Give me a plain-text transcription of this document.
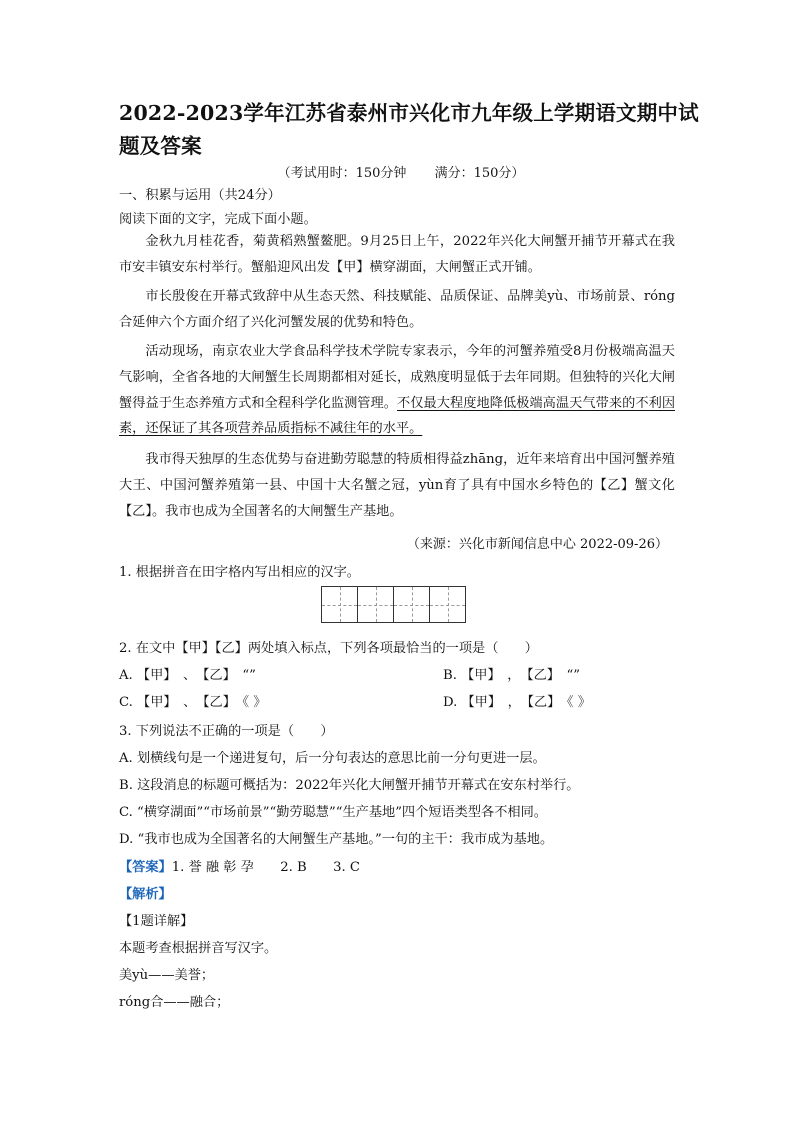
2022-2023学年江苏省泰州市兴化市九年级上学期语文期中试题及答案
（考试用时：150分钟 满分：150分）
一、积累与运用（共24分）
阅读下面的文字，完成下面小题。
金秋九月桂花香，菊黄稻熟蟹鳌肥。9月25日上午，2022年兴化大闸蟹开捕节开幕式在我市安丰镇安东村举行。蟹船迎风出发【甲】横穿湖面，大闸蟹正式开铺。
市长殷俊在开幕式致辞中从生态天然、科技赋能、品质保证、品牌美yù、市场前景、róng合延伸六个方面介绍了兴化河蟹发展的优势和特色。
活动现场，南京农业大学食品科学技术学院专家表示，今年的河蟹养殖受8月份极端高温天气影响，全省各地的大闸蟹生长周期都相对延长，成熟度明显低于去年同期。但独特的兴化大闸蟹得益于生态养殖方式和全程科学化监测管理。不仅最大程度地降低极端高温天气带来的不利因素，还保证了其各项营养品质指标不减往年的水平。
我市得天独厚的生态优势与奋进勤劳聪慧的特质相得益zhāng，近年来培育出中国河蟹养殖大王、中国河蟹养殖第一县、中国十大名蟹之冠，yùn育了具有中国水乡特色的【乙】蟹文化【乙】。我市也成为全国著名的大闸蟹生产基地。
（来源：兴化市新闻信息中心 2022-09-26）
1. 根据拼音在田字格内写出相应的汉字。
2. 在文中【甲】【乙】两处填入标点，下列各项最恰当的一项是（　　）
A. 【甲】　、　【乙】　“”	B. 【甲】　，　【乙】　“”
C. 【甲】　、　【乙】　《 》	D. 【甲】　，　【乙】　《 》
3. 下列说法不正确的一项是（　　）
A. 划横线句是一个递进复句，后一分句表达的意思比前一分句更进一层。
B. 这段消息的标题可概括为：2022年兴化大闸蟹开捕节开幕式在安东村举行。
C. “横穿湖面”“市场前景”“勤劳聪慧”“生产基地”四个短语类型各不相同。
D. “我市也成为全国著名的大闸蟹生产基地。”一句的主干：我市成为基地。
【答案】1. 誉 融 彰 孕　　2. B　　3. C
【解析】
【1题详解】
本题考查根据拼音写汉字。
美yù——美誉；
róng合——融合；
